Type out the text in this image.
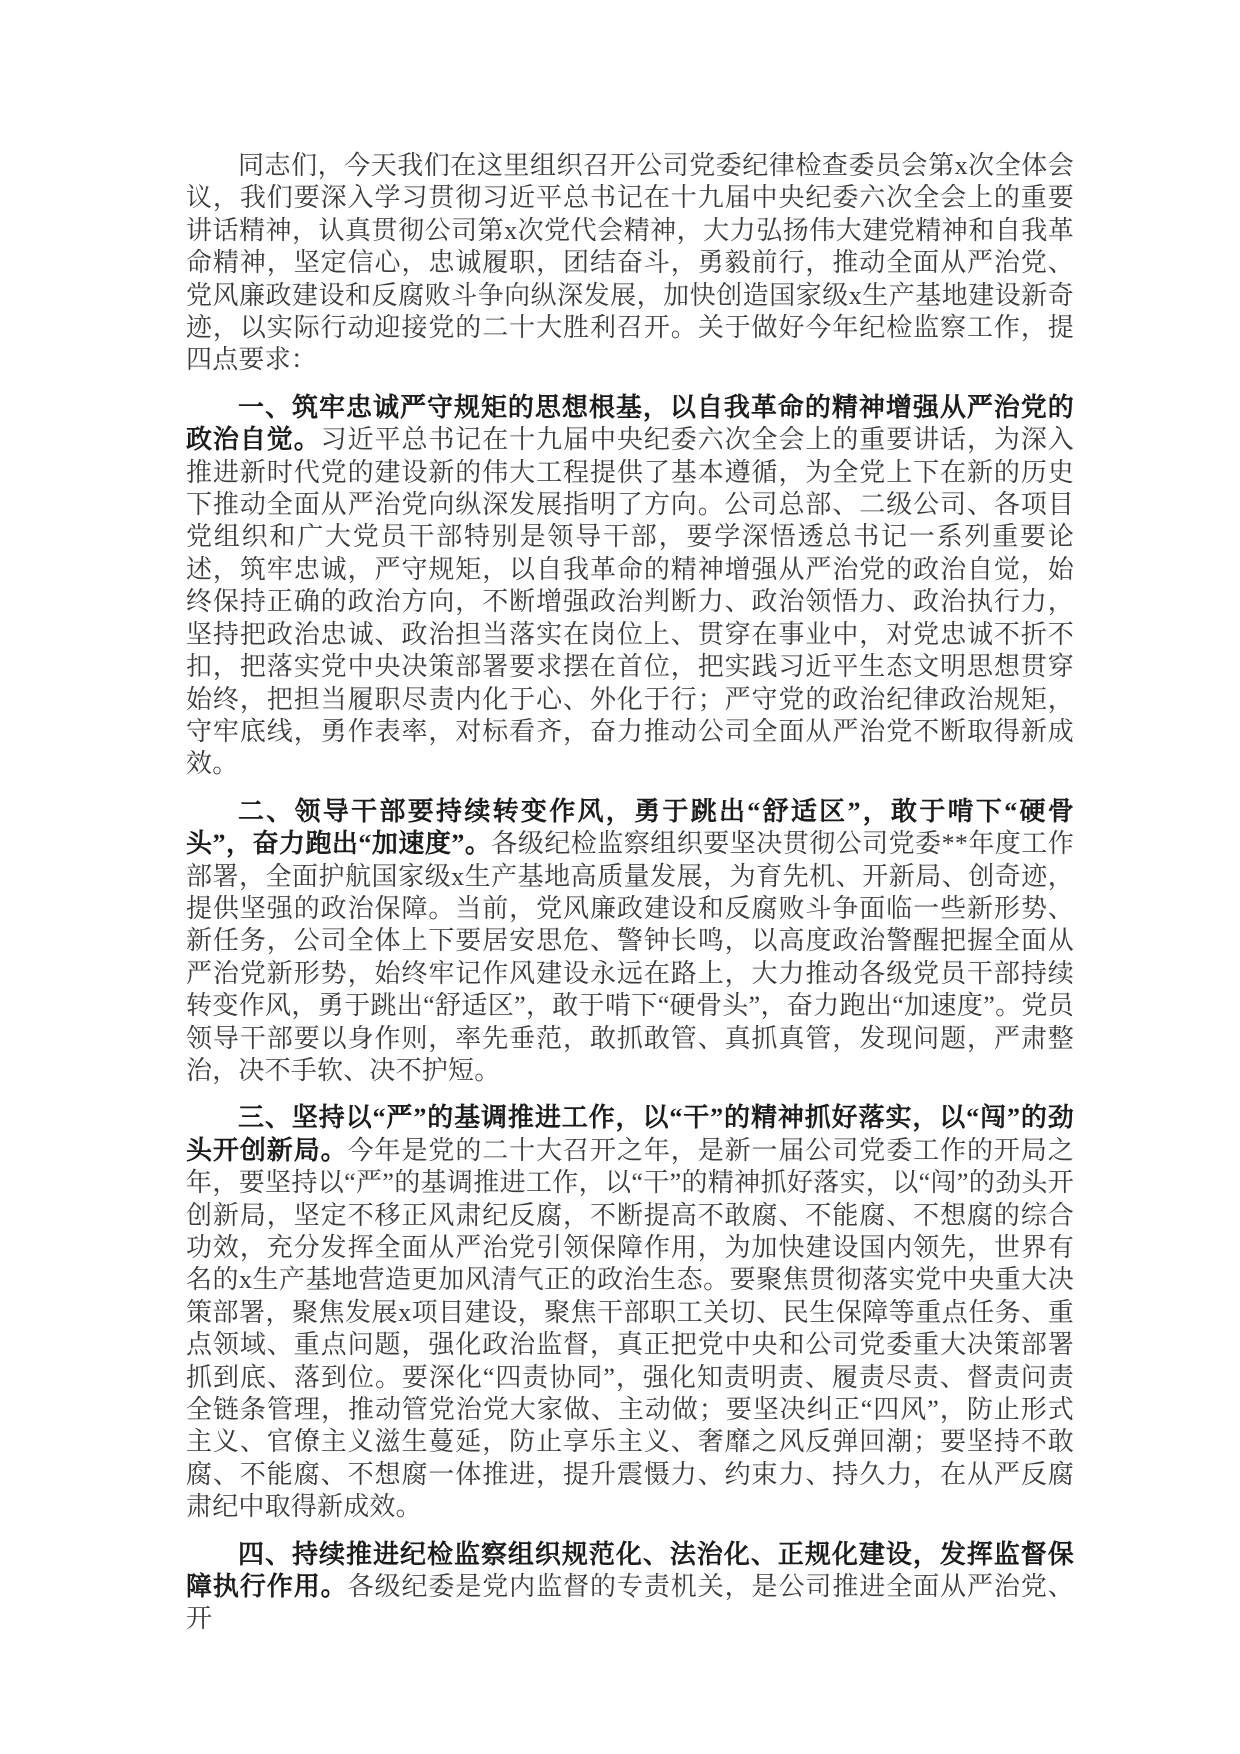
同志们，今天我们在这里组织召开公司党委纪律检查委员会第x次全体会议，我们要深入学习贯彻习近平总书记在十九届中央纪委六次全会上的重要讲话精神，认真贯彻公司第x次党代会精神，大力弘扬伟大建党精神和自我革命精神，坚定信心，忠诚履职，团结奋斗，勇毅前行，推动全面从严治党、党风廉政建设和反腐败斗争向纵深发展，加快创造国家级x生产基地建设新奇迹，以实际行动迎接党的二十大胜利召开。关于做好今年纪检监察工作，提四点要求：

一、筑牢忠诚严守规矩的思想根基，以自我革命的精神增强从严治党的政治自觉。习近平总书记在十九届中央纪委六次全会上的重要讲话，为深入推进新时代党的建设新的伟大工程提供了基本遵循，为全党上下在新的历史下推动全面从严治党向纵深发展指明了方向。公司总部、二级公司、各项目党组织和广大党员干部特别是领导干部，要学深悟透总书记一系列重要论述，筑牢忠诚，严守规矩，以自我革命的精神增强从严治党的政治自觉，始终保持正确的政治方向，不断增强政治判断力、政治领悟力、政治执行力，坚持把政治忠诚、政治担当落实在岗位上、贯穿在事业中，对党忠诚不折不扣，把落实党中央决策部署要求摆在首位，把实践习近平生态文明思想贯穿始终，把担当履职尽责内化于心、外化于行；严守党的政治纪律政治规矩，守牢底线，勇作表率，对标看齐，奋力推动公司全面从严治党不断取得新成效。

二、领导干部要持续转变作风，勇于跳出“舒适区”，敢于啃下“硬骨头”，奋力跑出“加速度”。各级纪检监察组织要坚决贯彻公司党委**年度工作部署，全面护航国家级x生产基地高质量发展，为育先机、开新局、创奇迹，提供坚强的政治保障。当前，党风廉政建设和反腐败斗争面临一些新形势、新任务，公司全体上下要居安思危、警钟长鸣，以高度政治警醒把握全面从严治党新形势，始终牢记作风建设永远在路上，大力推动各级党员干部持续转变作风，勇于跳出“舒适区”，敢于啃下“硬骨头”，奋力跑出“加速度”。党员领导干部要以身作则，率先垂范，敢抓敢管、真抓真管，发现问题，严肃整治，决不手软、决不护短。

三、坚持以“严”的基调推进工作，以“干”的精神抓好落实，以“闯”的劲头开创新局。今年是党的二十大召开之年，是新一届公司党委工作的开局之年，要坚持以“严”的基调推进工作，以“干”的精神抓好落实，以“闯”的劲头开创新局，坚定不移正风肃纪反腐，不断提高不敢腐、不能腐、不想腐的综合功效，充分发挥全面从严治党引领保障作用，为加快建设国内领先，世界有名的x生产基地营造更加风清气正的政治生态。要聚焦贯彻落实党中央重大决策部署，聚焦发展x项目建设，聚焦干部职工关切、民生保障等重点任务、重点领域、重点问题，强化政治监督，真正把党中央和公司党委重大决策部署抓到底、落到位。要深化“四责协同”，强化知责明责、履责尽责、督责问责全链条管理，推动管党治党大家做、主动做；要坚决纠正“四风”，防止形式主义、官僚主义滋生蔓延，防止享乐主义、奢靡之风反弹回潮；要坚持不敢腐、不能腐、不想腐一体推进，提升震慑力、约束力、持久力，在从严反腐肃纪中取得新成效。

四、持续推进纪检监察组织规范化、法治化、正规化建设，发挥监督保障执行作用。各级纪委是党内监督的专责机关，是公司推进全面从严治党、开
